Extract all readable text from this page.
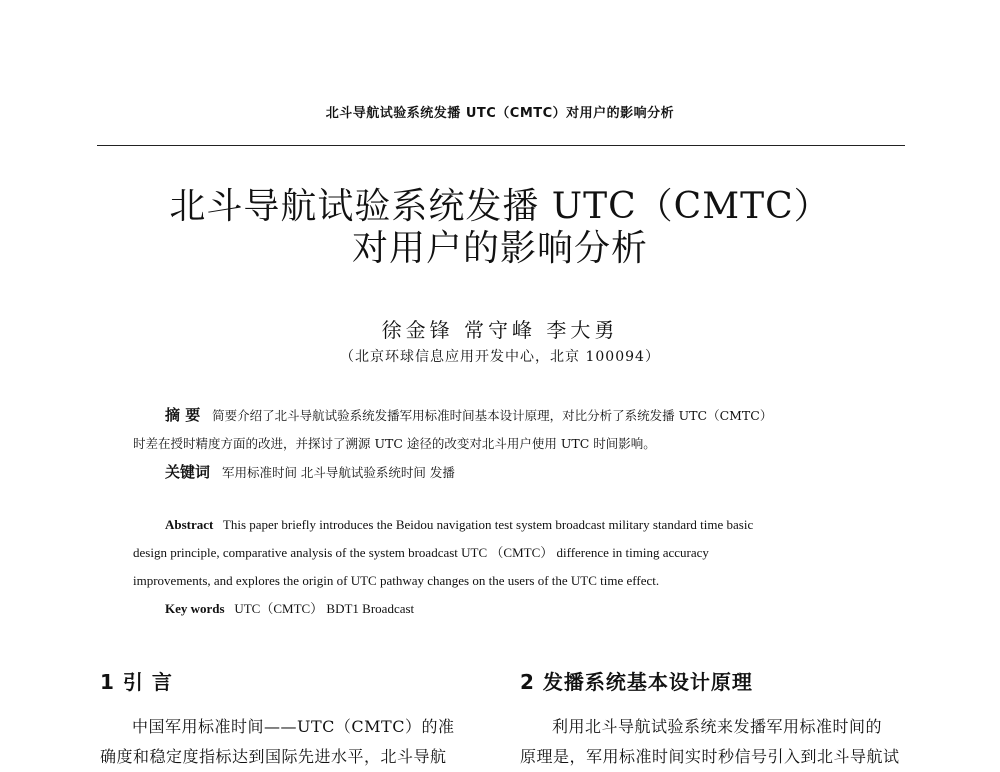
北斗导航试验系统发播 UTC（CMTC）对用户的影响分析
北斗导航试验系统发播 UTC（CMTC）
对用户的影响分析
徐金锋 常守峰 李大勇
（北京环球信息应用开发中心，北京 100094）
摘 要 简要介绍了北斗导航试验系统发播军用标准时间基本设计原理，对比分析了系统发播 UTC（CMTC）
时差在授时精度方面的改进，并探讨了溯源 UTC 途径的改变对北斗用户使用 UTC 时间影响。
关键词 军用标准时间 北斗导航试验系统时间 发播
Abstract This paper briefly introduces the Beidou navigation test system broadcast military standard time basic
design principle, comparative analysis of the system broadcast UTC （CMTC） difference in timing accuracy
improvements, and explores the origin of UTC pathway changes on the users of the UTC time effect.
Key words UTC（CMTC） BDT1 Broadcast
1 引 言
中国军用标准时间——UTC（CMTC）的准
确度和稳定度指标达到国际先进水平，北斗导航
2 发播系统基本设计原理
利用北斗导航试验系统来发播军用标准时间的
原理是，军用标准时间实时秒信号引入到北斗导航试
